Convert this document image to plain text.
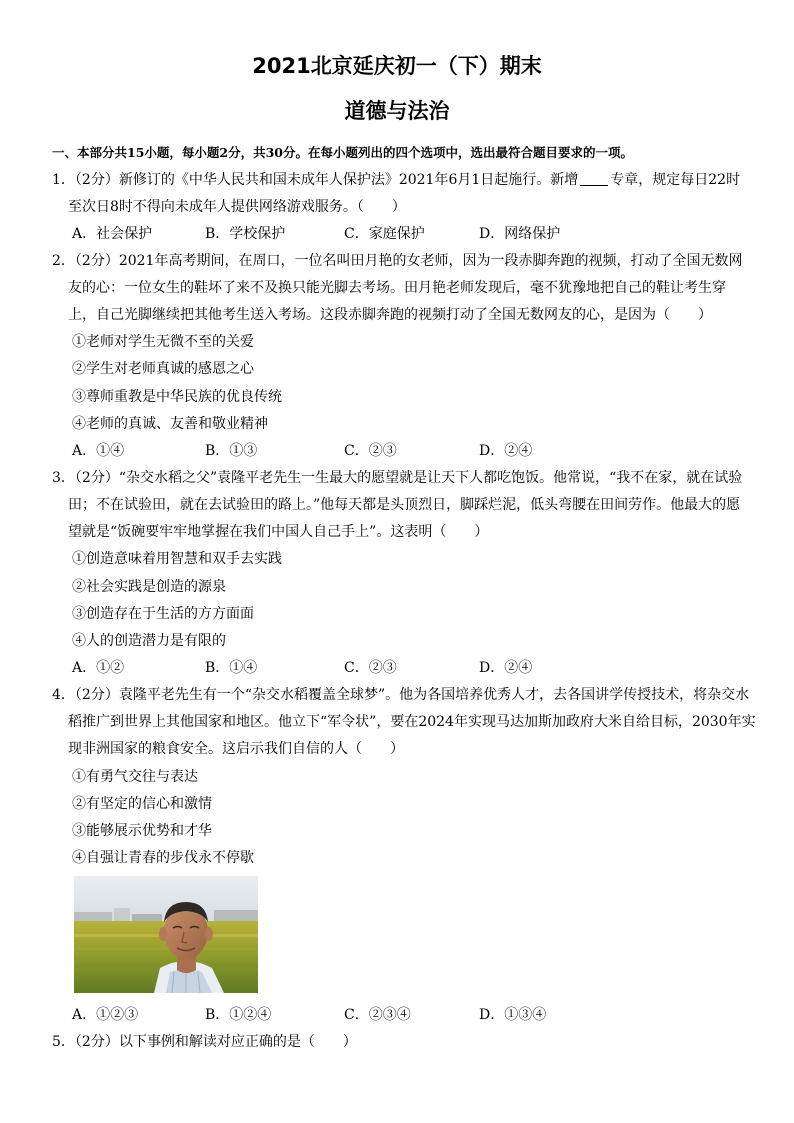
2021北京延庆初一（下）期末
道德与法治
一、本部分共15小题，每小题2分，共30分。在每小题列出的四个选项中，选出最符合题目要求的一项。
1．（2分）新修订的《中华人民共和国未成年人保护法》2021年6月1日起施行。新增 专章，规定每日22时
至次日8时不得向未成年人提供网络游戏服务。（　　）
A．社会保护	B．学校保护	C．家庭保护	D．网络保护
2．（2分）2021年高考期间，在周口，一位名叫田月艳的女老师，因为一段赤脚奔跑的视频，打动了全国无数网
友的心：一位女生的鞋坏了来不及换只能光脚去考场。田月艳老师发现后，毫不犹豫地把自己的鞋让考生穿
上，自己光脚继续把其他考生送入考场。这段赤脚奔跑的视频打动了全国无数网友的心，是因为（　　）
①老师对学生无微不至的关爱
②学生对老师真诚的感恩之心
③尊师重教是中华民族的优良传统
④老师的真诚、友善和敬业精神
A．①④	B．①③	C．②③	D．②④
3．（2分）“杂交水稻之父”袁隆平老先生一生最大的愿望就是让天下人都吃饱饭。他常说，“我不在家，就在试验
田；不在试验田，就在去试验田的路上。”他每天都是头顶烈日，脚踩烂泥，低头弯腰在田间劳作。他最大的愿
望就是“饭碗要牢牢地掌握在我们中国人自己手上”。这表明（　　）
①创造意味着用智慧和双手去实践
②社会实践是创造的源泉
③创造存在于生活的方方面面
④人的创造潜力是有限的
A．①②	B．①④	C．②③	D．②④
4．（2分）袁隆平老先生有一个“杂交水稻覆盖全球梦”。他为各国培养优秀人才，去各国讲学传授技术，将杂交水
稻推广到世界上其他国家和地区。他立下“军令状”，要在2024年实现马达加斯加政府大米自给目标，2030年实
现非洲国家的粮食安全。这启示我们自信的人（　　）
①有勇气交往与表达
②有坚定的信心和激情
③能够展示优势和才华
④自强让青春的步伐永不停歇
A．①②③	B．①②④	C．②③④	D．①③④
5．（2分）以下事例和解读对应正确的是（　　）
